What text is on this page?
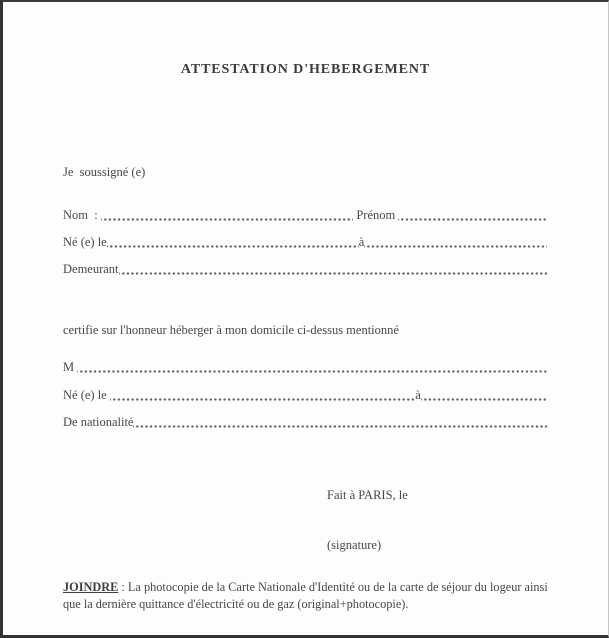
ATTESTATION D'HEBERGEMENT
Je  soussigné (e)
Nom  :	Prénom
Né (e) le	à
Demeurant
certifie sur l'honneur héberger à mon domicile ci-dessus mentionné
M
Né (e) le	à
De nationalité

Fait à PARIS, le

(signature)

JOINDRE : La photocopie de la Carte Nationale d'Identité ou de la carte de séjour du logeur ainsi que la dernière quittance d'électricité ou de gaz (original+photocopie).
